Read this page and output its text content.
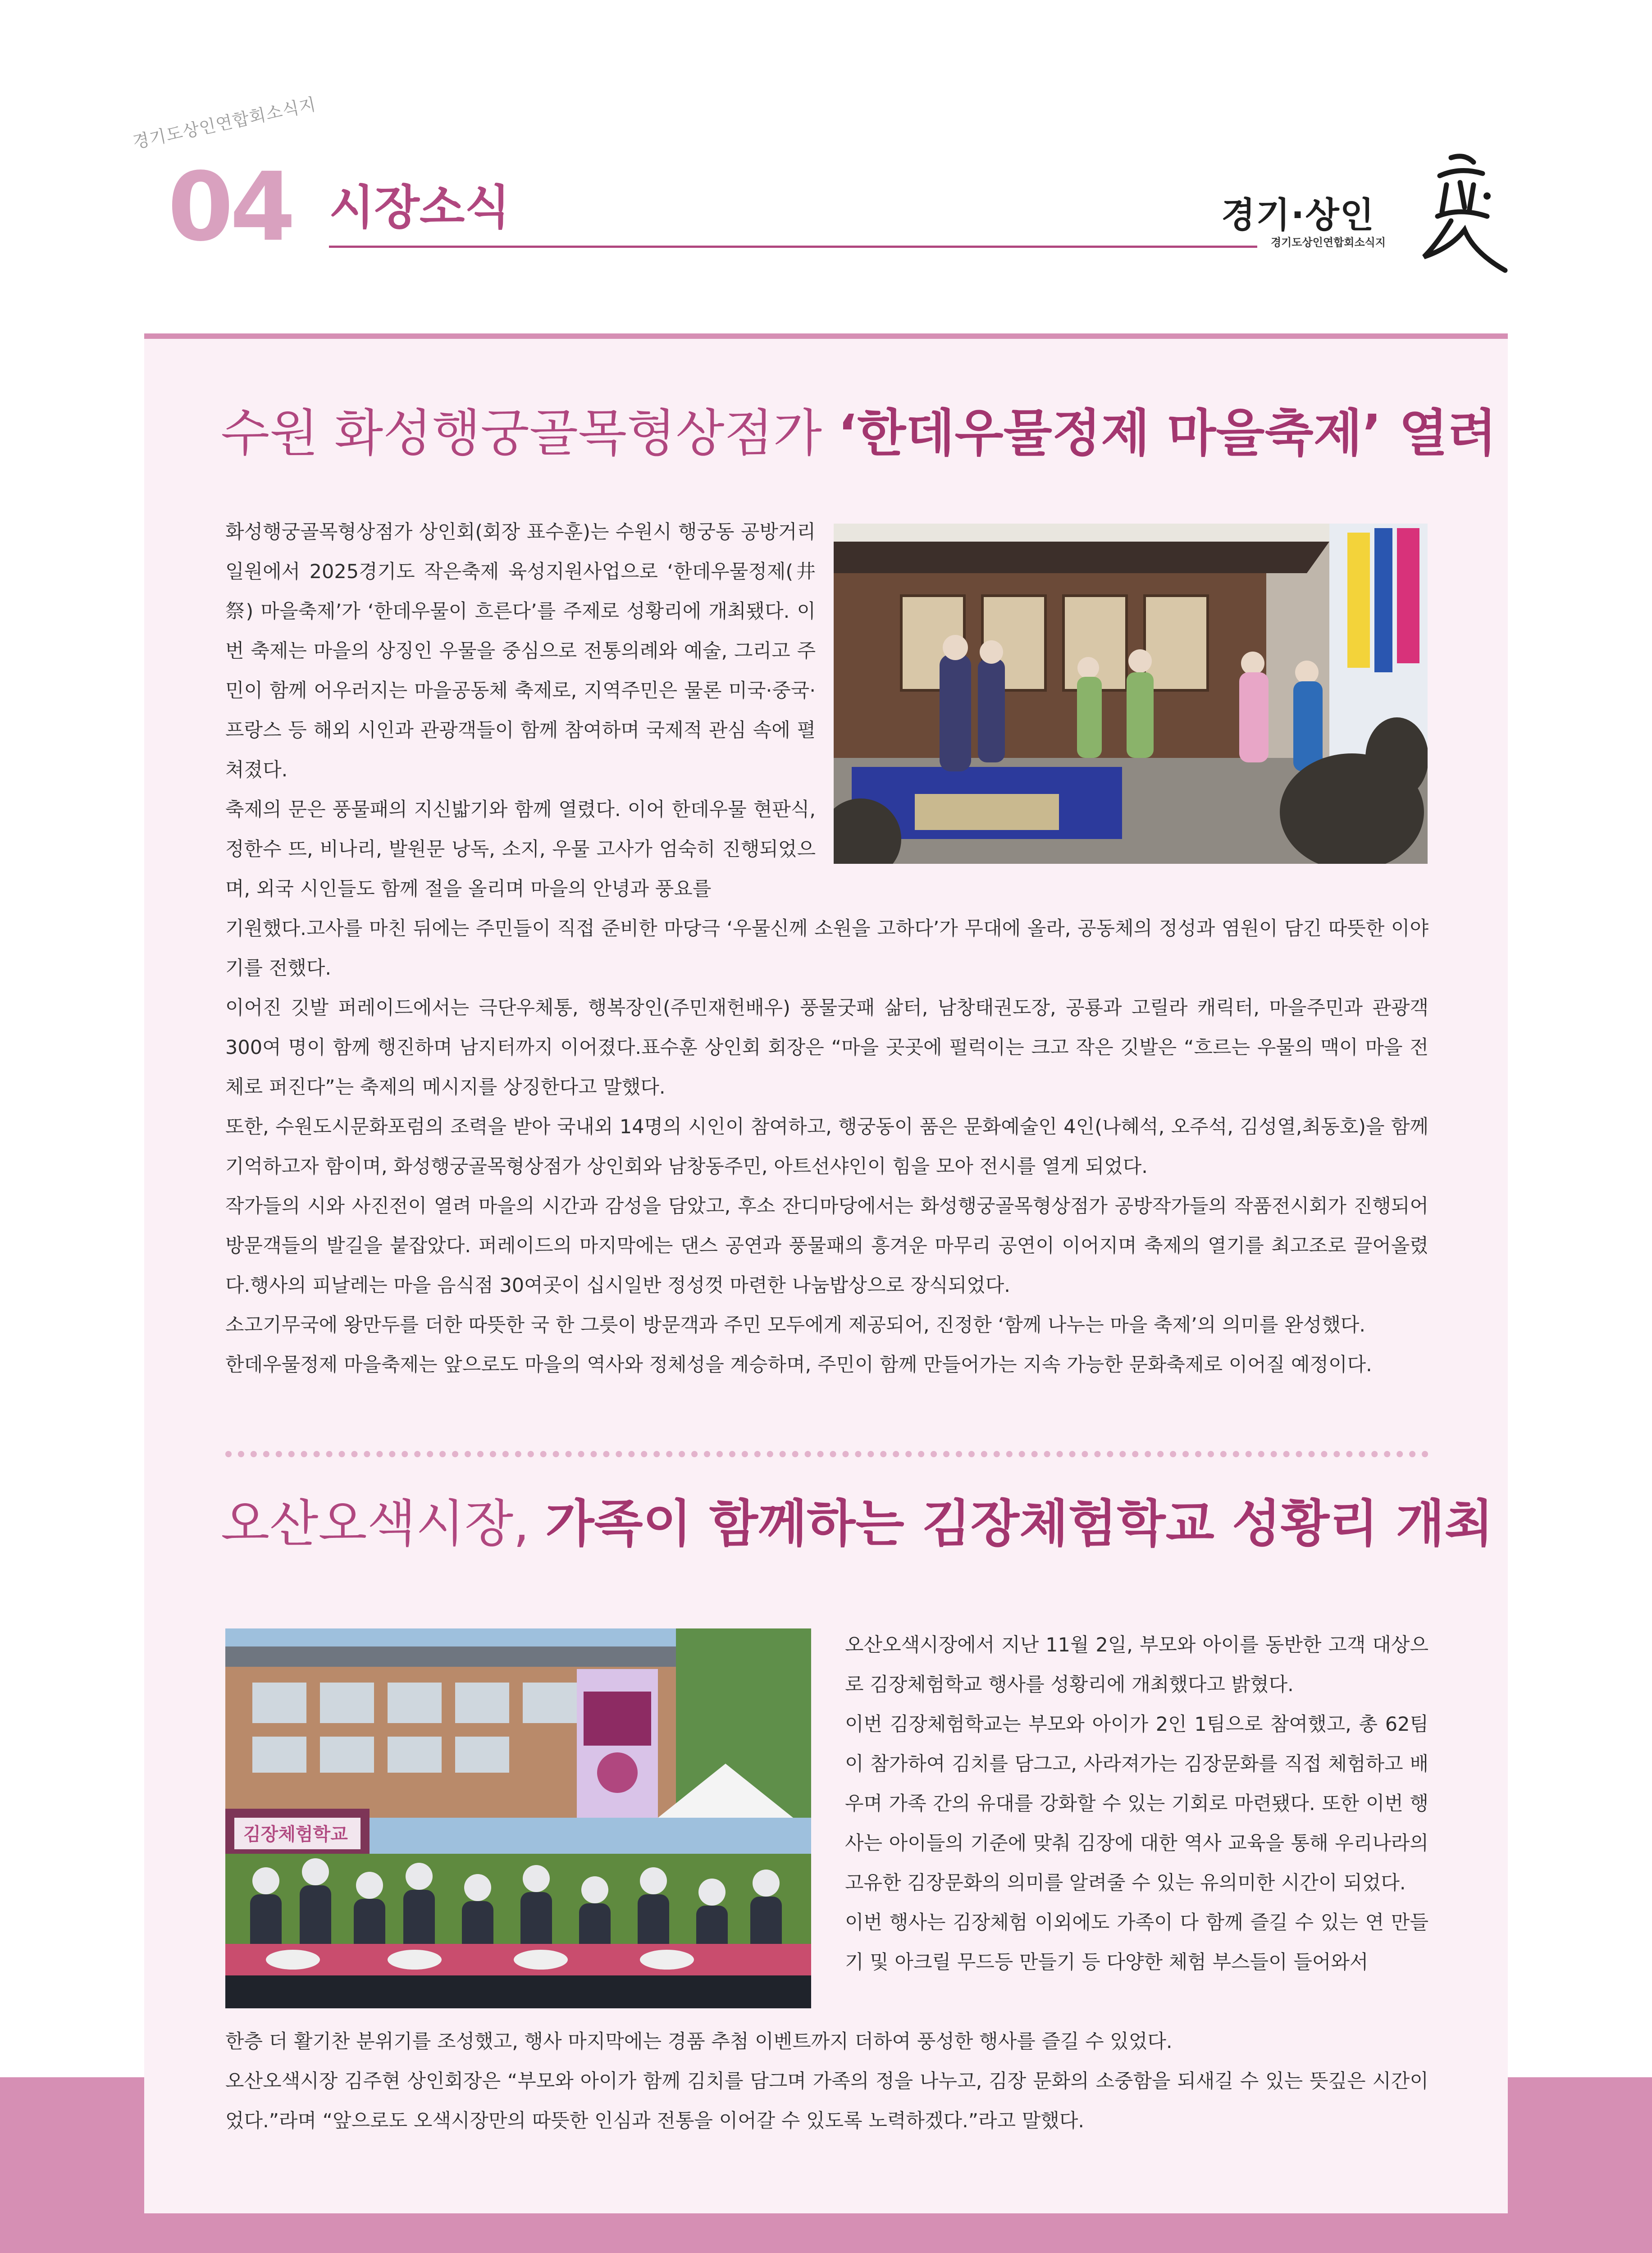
경기도상인연합회소식지
04 시장소식	경기·상인
경기도상인연합회소식지
수원 화성행궁골목형상점가 ‘한데우물정제 마을축제’ 열려

화성행궁골목형상점가 상인회(회장 표수훈)는 수원시 행궁동 공방거리 일원에서 2025경기도 작은축제 육성지원사업으로 ‘한데우물정제(井祭) 마을축제’가 ‘한데우물이 흐른다’를 주제로 성황리에 개최됐다. 이번 축제는 마을의 상징인 우물을 중심으로 전통의례와 예술, 그리고 주민이 함께 어우러지는 마을공동체 축제로, 지역주민은 물론 미국·중국·프랑스 등 해외 시인과 관광객들이 함께 참여하며 국제적 관심 속에 펼쳐졌다.

축제의 문은 풍물패의 지신밟기와 함께 열렸다. 이어 한데우물 현판식, 정한수 뜨, 비나리, 발원문 낭독, 소지, 우물 고사가 엄숙히 진행되었으며, 외국 시인들도 함께 절을 올리며 마을의 안녕과 풍요를

기원했다.고사를 마친 뒤에는 주민들이 직접 준비한 마당극 ‘우물신께 소원을 고하다’가 무대에 올라, 공동체의 정성과 염원이 담긴 따뜻한 이야기를 전했다.

이어진 깃발 퍼레이드에서는 극단우체통, 행복장인(주민재헌배우) 풍물굿패 삶터, 남창태권도장, 공룡과 고릴라 캐릭터, 마을주민과 관광객 300여 명이 함께 행진하며 남지터까지 이어졌다.표수훈 상인회 회장은 “마을 곳곳에 펄럭이는 크고 작은 깃발은 “흐르는 우물의 맥이 마을 전체로 퍼진다”는 축제의 메시지를 상징한다고 말했다.

또한, 수원도시문화포럼의 조력을 받아 국내외 14명의 시인이 참여하고, 행궁동이 품은 문화예술인 4인(나혜석, 오주석, 김성열,최동호)을 함께 기억하고자 함이며, 화성행궁골목형상점가 상인회와 남창동주민, 아트선샤인이 힘을 모아 전시를 열게 되었다.

작가들의 시와 사진전이 열려 마을의 시간과 감성을 담았고, 후소 잔디마당에서는 화성행궁골목형상점가 공방작가들의 작품전시회가 진행되어 방문객들의 발길을 붙잡았다. 퍼레이드의 마지막에는 댄스 공연과 풍물패의 흥겨운 마무리 공연이 이어지며 축제의 열기를 최고조로 끌어올렸다.행사의 피날레는 마을 음식점 30여곳이 십시일반 정성껏 마련한 나눔밥상으로 장식되었다.

소고기무국에 왕만두를 더한 따뜻한 국 한 그릇이 방문객과 주민 모두에게 제공되어, 진정한 ‘함께 나누는 마을 축제’의 의미를 완성했다.

한데우물정제 마을축제는 앞으로도 마을의 역사와 정체성을 계승하며, 주민이 함께 만들어가는 지속 가능한 문화축제로 이어질 예정이다.

오산오색시장, 가족이 함께하는 김장체험학교 성황리 개최
김장체험학교

오산오색시장에서 지난 11월 2일, 부모와 아이를 동반한 고객 대상으로 김장체험학교 행사를 성황리에 개최했다고 밝혔다.

이번 김장체험학교는 부모와 아이가 2인 1팀으로 참여했고, 총 62팀이 참가하여 김치를 담그고, 사라져가는 김장문화를 직접 체험하고 배우며 가족 간의 유대를 강화할 수 있는 기회로 마련됐다. 또한 이번 행사는 아이들의 기준에 맞춰 김장에 대한 역사 교육을 통해 우리나라의 고유한 김장문화의 의미를 알려줄 수 있는 유의미한 시간이 되었다.

이번 행사는 김장체험 이외에도 가족이 다 함께 즐길 수 있는 연 만들기 및 아크릴 무드등 만들기 등 다양한 체험 부스들이 들어와서

한층 더 활기찬 분위기를 조성했고, 행사 마지막에는 경품 추첨 이벤트까지 더하여 풍성한 행사를 즐길 수 있었다.

오산오색시장 김주현 상인회장은 “부모와 아이가 함께 김치를 담그며 가족의 정을 나누고, 김장 문화의 소중함을 되새길 수 있는 뜻깊은 시간이었다.”라며 “앞으로도 오색시장만의 따뜻한 인심과 전통을 이어갈 수 있도록 노력하겠다.”라고 말했다.
